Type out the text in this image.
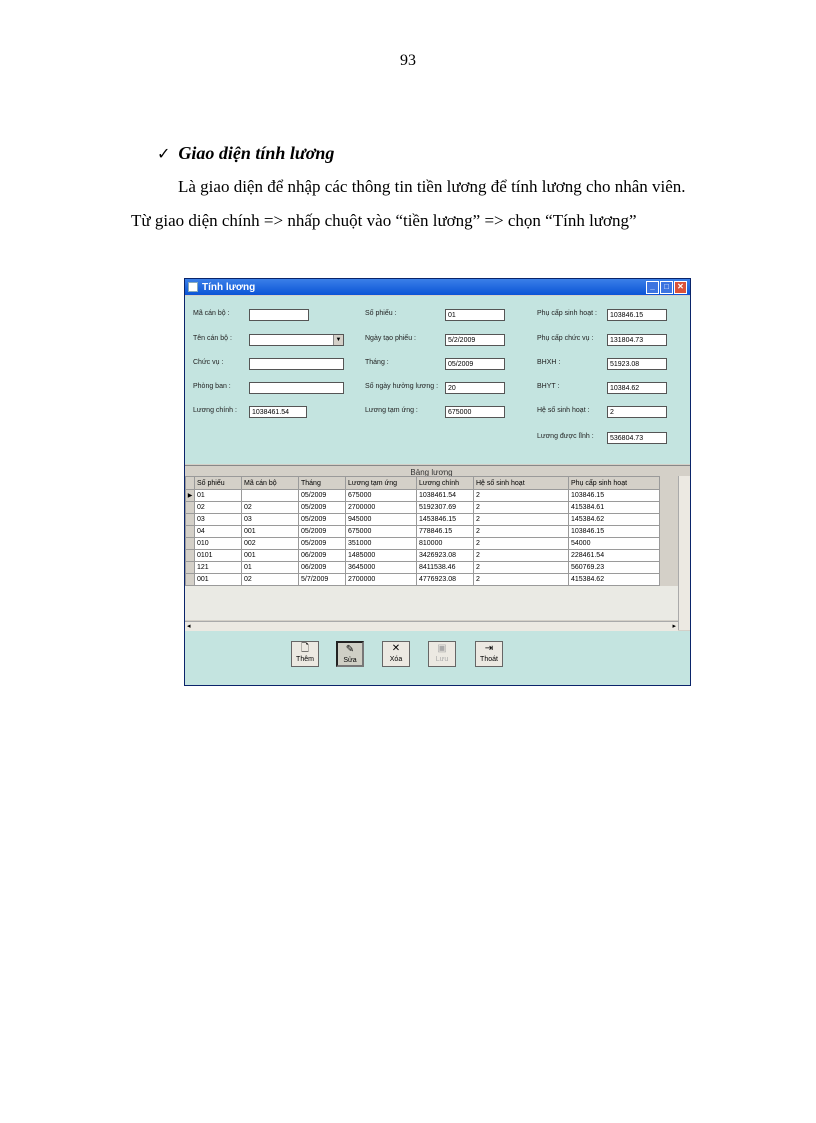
93
✓ Giao diện tính lương
Là giao diện để nhập các thông tin tiền lương để tính lương cho nhân viên.
Từ giao diện chính => nhấp chuột vào “tiền lương” => chọn “Tính lương”
Tính lương	_	□	✕
Mã cán bộ :
Tên cán bộ :	▼
Chức vụ :
Phòng ban :
Lương chính :	1038461.54
Số phiếu :	01
Ngày tạo phiếu :	5/2/2009
Tháng :	05/2009
Số ngày hưởng lương :	20
Lương tạm ứng :	675000
Phụ cấp sinh hoạt :	103846.15
Phụ cấp chức vụ :	131804.73
BHXH :	51923.08
BHYT :	10384.62
Hệ số sinh hoạt :	2
Lương được lĩnh :	536804.73
Bảng lương
	Số phiếu	Mã cán bộ	Tháng	Lương tạm ứng	Lương chính	Hệ số sinh hoạt	Phụ cấp sinh hoạt
▶	01		05/2009	675000	1038461.54	2	103846.15
	02	02	05/2009	2700000	5192307.69	2	415384.61
	03	03	05/2009	945000	1453846.15	2	145384.62
	04	001	05/2009	675000	778846.15	2	103846.15
	010	002	05/2009	351000	810000	2	54000
	0101	001	06/2009	1485000	3426923.08	2	228461.54
	121	01	06/2009	3645000	8411538.46	2	560769.23
	001	02	5/7/2009	2700000	4776923.08	2	415384.62
◂	▸
🗋
Thêm
✎
Sửa
✕
Xóa
▣
Lưu
⇥
Thoát
